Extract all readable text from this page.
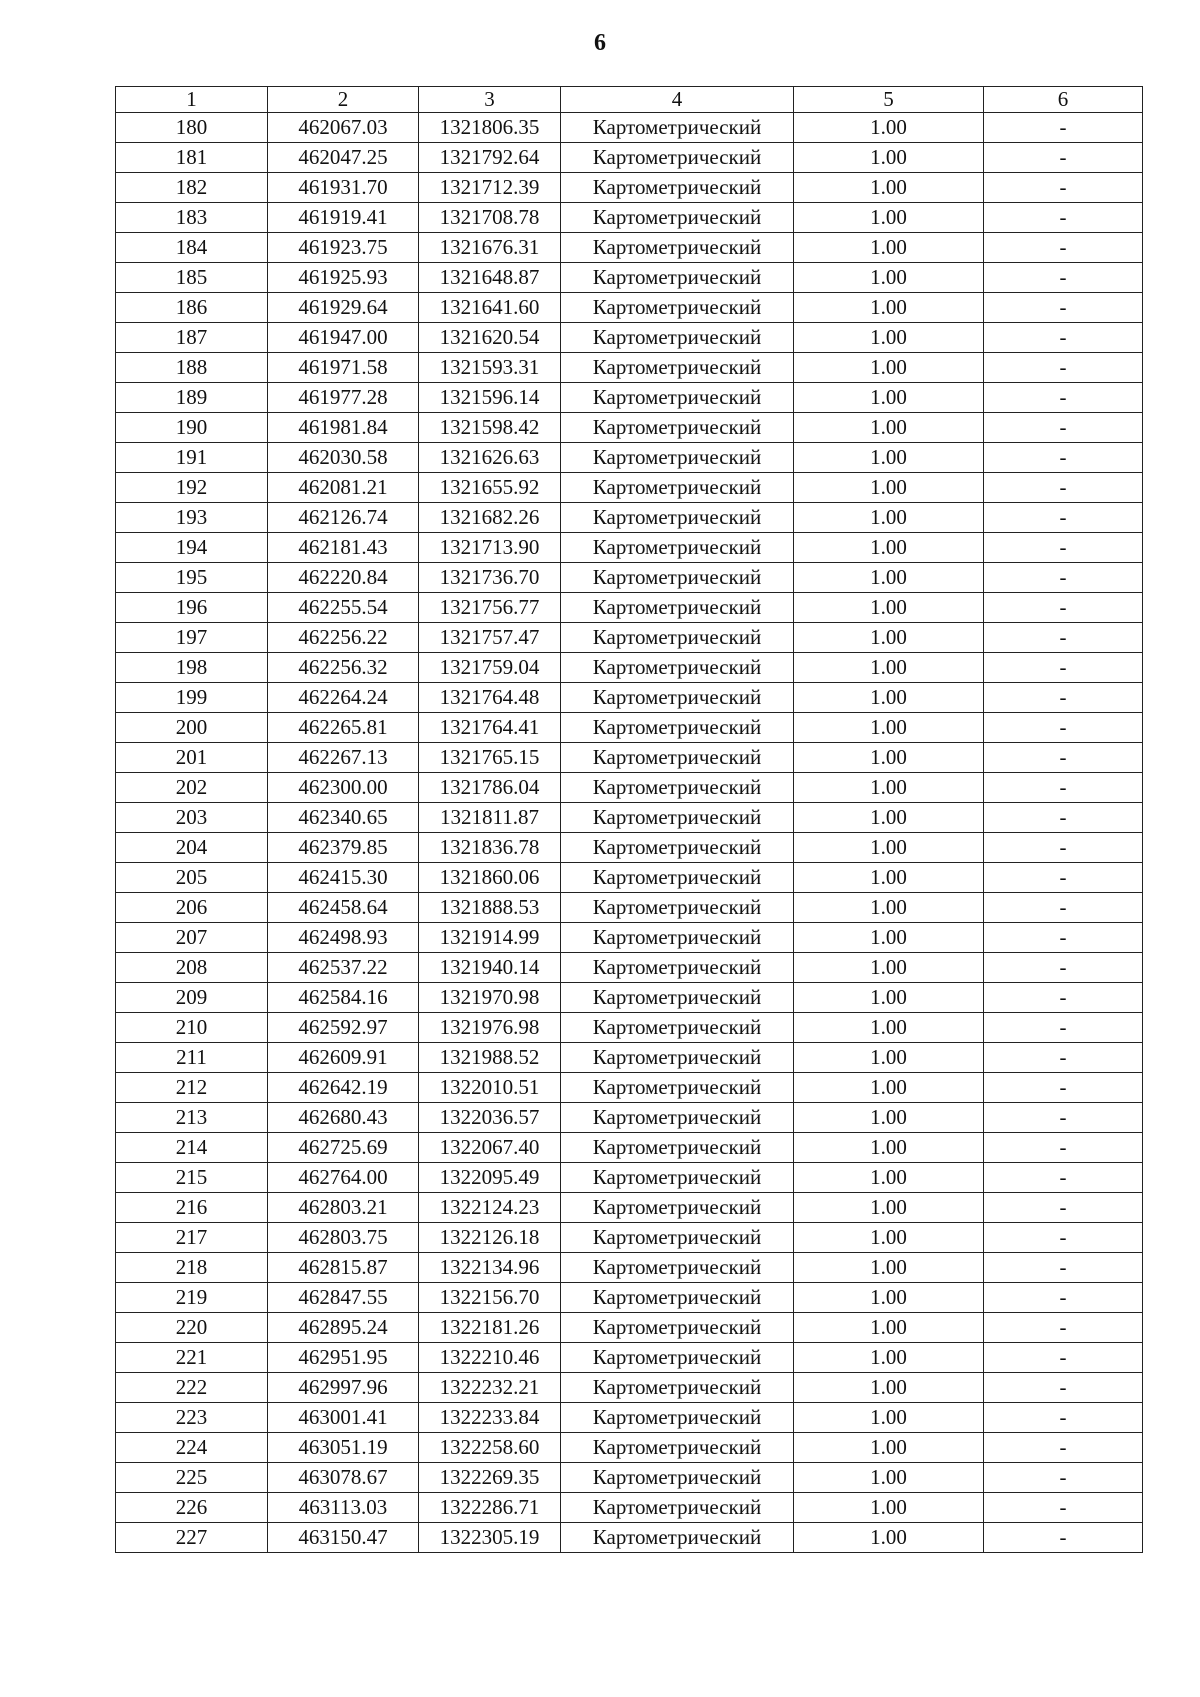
6
1	2	3	4	5	6
180	462067.03	1321806.35	Картометрический	1.00	-
181	462047.25	1321792.64	Картометрический	1.00	-
182	461931.70	1321712.39	Картометрический	1.00	-
183	461919.41	1321708.78	Картометрический	1.00	-
184	461923.75	1321676.31	Картометрический	1.00	-
185	461925.93	1321648.87	Картометрический	1.00	-
186	461929.64	1321641.60	Картометрический	1.00	-
187	461947.00	1321620.54	Картометрический	1.00	-
188	461971.58	1321593.31	Картометрический	1.00	-
189	461977.28	1321596.14	Картометрический	1.00	-
190	461981.84	1321598.42	Картометрический	1.00	-
191	462030.58	1321626.63	Картометрический	1.00	-
192	462081.21	1321655.92	Картометрический	1.00	-
193	462126.74	1321682.26	Картометрический	1.00	-
194	462181.43	1321713.90	Картометрический	1.00	-
195	462220.84	1321736.70	Картометрический	1.00	-
196	462255.54	1321756.77	Картометрический	1.00	-
197	462256.22	1321757.47	Картометрический	1.00	-
198	462256.32	1321759.04	Картометрический	1.00	-
199	462264.24	1321764.48	Картометрический	1.00	-
200	462265.81	1321764.41	Картометрический	1.00	-
201	462267.13	1321765.15	Картометрический	1.00	-
202	462300.00	1321786.04	Картометрический	1.00	-
203	462340.65	1321811.87	Картометрический	1.00	-
204	462379.85	1321836.78	Картометрический	1.00	-
205	462415.30	1321860.06	Картометрический	1.00	-
206	462458.64	1321888.53	Картометрический	1.00	-
207	462498.93	1321914.99	Картометрический	1.00	-
208	462537.22	1321940.14	Картометрический	1.00	-
209	462584.16	1321970.98	Картометрический	1.00	-
210	462592.97	1321976.98	Картометрический	1.00	-
211	462609.91	1321988.52	Картометрический	1.00	-
212	462642.19	1322010.51	Картометрический	1.00	-
213	462680.43	1322036.57	Картометрический	1.00	-
214	462725.69	1322067.40	Картометрический	1.00	-
215	462764.00	1322095.49	Картометрический	1.00	-
216	462803.21	1322124.23	Картометрический	1.00	-
217	462803.75	1322126.18	Картометрический	1.00	-
218	462815.87	1322134.96	Картометрический	1.00	-
219	462847.55	1322156.70	Картометрический	1.00	-
220	462895.24	1322181.26	Картометрический	1.00	-
221	462951.95	1322210.46	Картометрический	1.00	-
222	462997.96	1322232.21	Картометрический	1.00	-
223	463001.41	1322233.84	Картометрический	1.00	-
224	463051.19	1322258.60	Картометрический	1.00	-
225	463078.67	1322269.35	Картометрический	1.00	-
226	463113.03	1322286.71	Картометрический	1.00	-
227	463150.47	1322305.19	Картометрический	1.00	-
